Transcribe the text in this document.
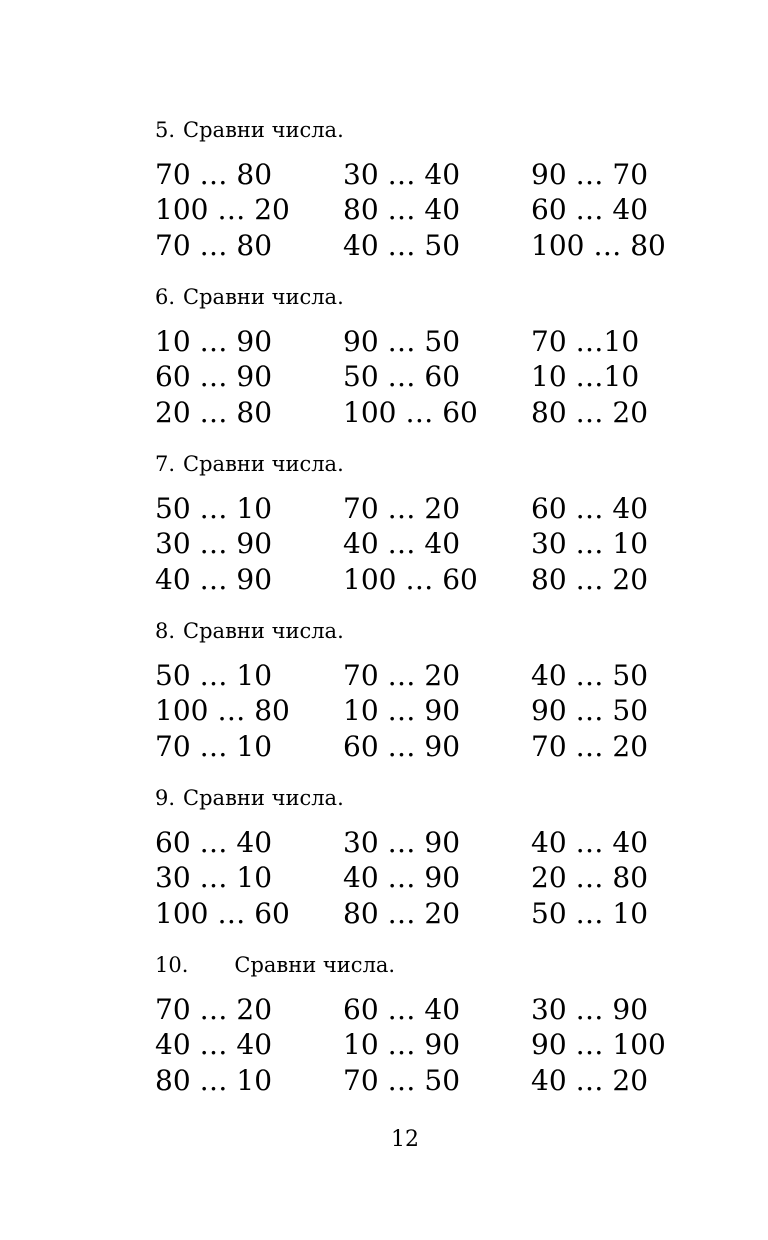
5. Сравни числа.
70 … 80	30 … 40	90 … 70
100 … 20	80 … 40	60 … 40
70 … 80	40 … 50	100 … 80
6. Сравни числа.
10 … 90	90 … 50	70 …10
60 … 90	50 … 60	10 …10
20 … 80	100 … 60	80 … 20
7. Сравни числа.
50 … 10	70 … 20	60 … 40
30 … 90	40 … 40	30 … 10
40 … 90	100 … 60	80 … 20
8. Сравни числа.
50 … 10	70 … 20	40 … 50
100 … 80	10 … 90	90 … 50
70 … 10	60 … 90	70 … 20
9. Сравни числа.
60 … 40	30 … 90	40 … 40
30 … 10	40 … 90	20 … 80
100 … 60	80 … 20	50 … 10
10. Сравни числа.
70 … 20	60 … 40	30 … 90
40 … 40	10 … 90	90 … 100
80 … 10	70 … 50	40 … 20
12
